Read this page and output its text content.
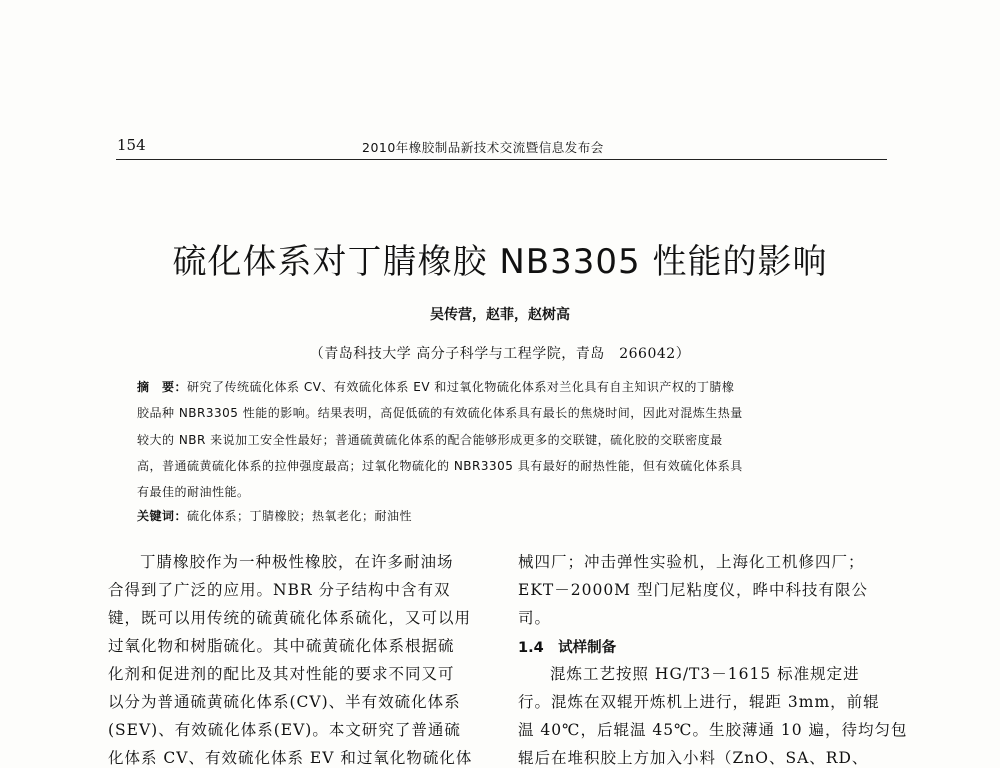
154	2010年橡胶制品新技术交流暨信息发布会
硫化体系对丁腈橡胶 NB3305 性能的影响
吴传营，赵菲，赵树高
（青岛科技大学 高分子科学与工程学院，青岛　266042）
摘　要：研究了传统硫化体系 CV、有效硫化体系 EV 和过氧化物硫化体系对兰化具有自主知识产权的丁腈橡
胶品种 NBR3305 性能的影响。结果表明，高促低硫的有效硫化体系具有最长的焦烧时间，因此对混炼生热量
较大的 NBR 来说加工安全性最好；普通硫黄硫化体系的配合能够形成更多的交联键，硫化胶的交联密度最
高，普通硫黄硫化体系的拉伸强度最高；过氧化物硫化的 NBR3305 具有最好的耐热性能，但有效硫化体系具
有最佳的耐油性能。
关键词：硫化体系；丁腈橡胶；热氧老化；耐油性
丁腈橡胶作为一种极性橡胶，在许多耐油场
合得到了广泛的应用。NBR 分子结构中含有双
键，既可以用传统的硫黄硫化体系硫化，又可以用
过氧化物和树脂硫化。其中硫黄硫化体系根据硫
化剂和促进剂的配比及其对性能的要求不同又可
以分为普通硫黄硫化体系(CV)、半有效硫化体系
(SEV)、有效硫化体系(EV)。本文研究了普通硫
化体系 CV、有效硫化体系 EV 和过氧化物硫化体
械四厂；冲击弹性实验机，上海化工机修四厂；
EKT－2000M 型门尼粘度仪，晔中科技有限公
司。
1.4　试样制备
混炼工艺按照 HG/T3－1615 标准规定进
行。混炼在双辊开炼机上进行，辊距 3mm，前辊
温 40℃，后辊温 45℃。生胶薄通 10 遍，待均匀包
辊后在堆积胶上方加入小料（ZnO、SA、RD、
